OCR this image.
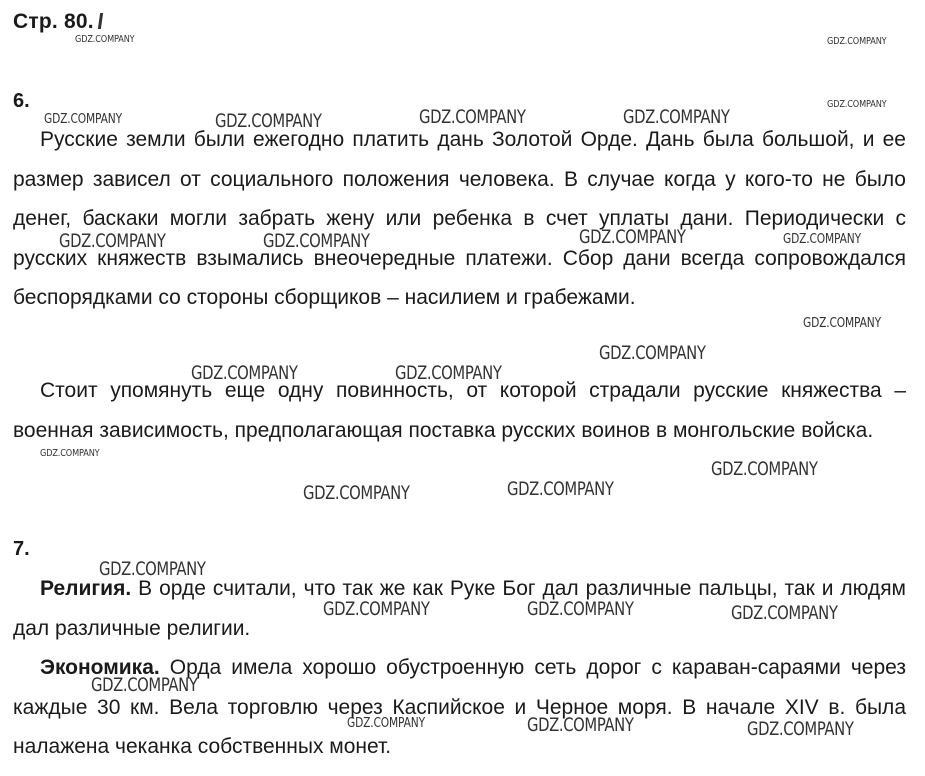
Стр. 80.
6.

Русские земли были ежегодно платить дань Золотой Орде. Дань была большой, и ее размер зависел от социального положения человека. В случае когда у кого-то не было денег, баскаки могли забрать жену или ребенка в счет уплаты дани. Периодически с русских княжеств взымались внеочередные платежи. Сбор дани всегда сопровождался беспорядками со стороны сборщиков – насилием и грабежами.

Стоит упомянуть еще одну повинность, от которой страдали русские княжества – военная зависимость, предполагающая поставка русских воинов в монгольские войска.

7.

Религия. В орде считали, что так же как Руке Бог дал различные пальцы, так и людям дал различные религии.

Экономика. Орда имела хорошо обустроенную сеть дорог с караван-сараями через каждые 30 км. Вела торговлю через Каспийское и Черное моря. В начале XIV в. была налажена чеканка собственных монет.

GDZ.COMPANY	GDZ.COMPANY
GDZ.COMPANY
GDZ.COMPANY	GDZ.COMPANY	GDZ.COMPANY	GDZ.COMPANY
GDZ.COMPANY	GDZ.COMPANY	GDZ.COMPANY	GDZ.COMPANY
GDZ.COMPANY
GDZ.COMPANY
GDZ.COMPANY	GDZ.COMPANY
GDZ.COMPANY
GDZ.COMPANY
GDZ.COMPANY
GDZ.COMPANY
GDZ.COMPANY
GDZ.COMPANY	GDZ.COMPANY	GDZ.COMPANY
GDZ.COMPANY
GDZ.COMPANY	GDZ.COMPANY	GDZ.COMPANY
